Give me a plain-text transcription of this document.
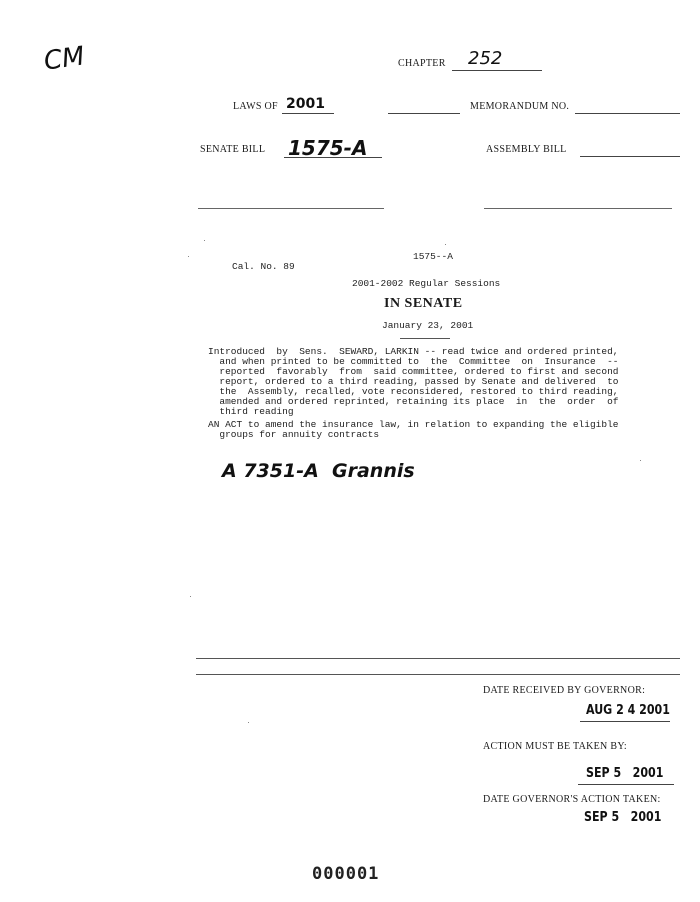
CM	CHAPTER 252
LAWS OF 2001	MEMORANDUM NO.
SENATE BILL 1575-A	ASSEMBLY BILL
1575--A
Cal. No. 89
2001-2002 Regular Sessions
IN SENATE
January 23, 2001
Introduced  by  Sens.  SEWARD, LARKIN -- read twice and ordered printed,
and when printed to be committed to  the  Committee  on  Insurance  --
reported  favorably  from  said committee, ordered to first and second
report, ordered to a third reading, passed by Senate and delivered  to
the  Assembly, recalled, vote reconsidered, restored to third reading,
amended and ordered reprinted, retaining its place  in  the  order  of
third reading
AN ACT to amend the insurance law, in relation to expanding the eligible
groups for annuity contracts
A 7351-A  Grannis
DATE RECEIVED BY GOVERNOR:
AUG 2 4 2001
ACTION MUST BE TAKEN BY:
SEP 5   2001
DATE GOVERNOR'S ACTION TAKEN:
SEP 5   2001
000001
